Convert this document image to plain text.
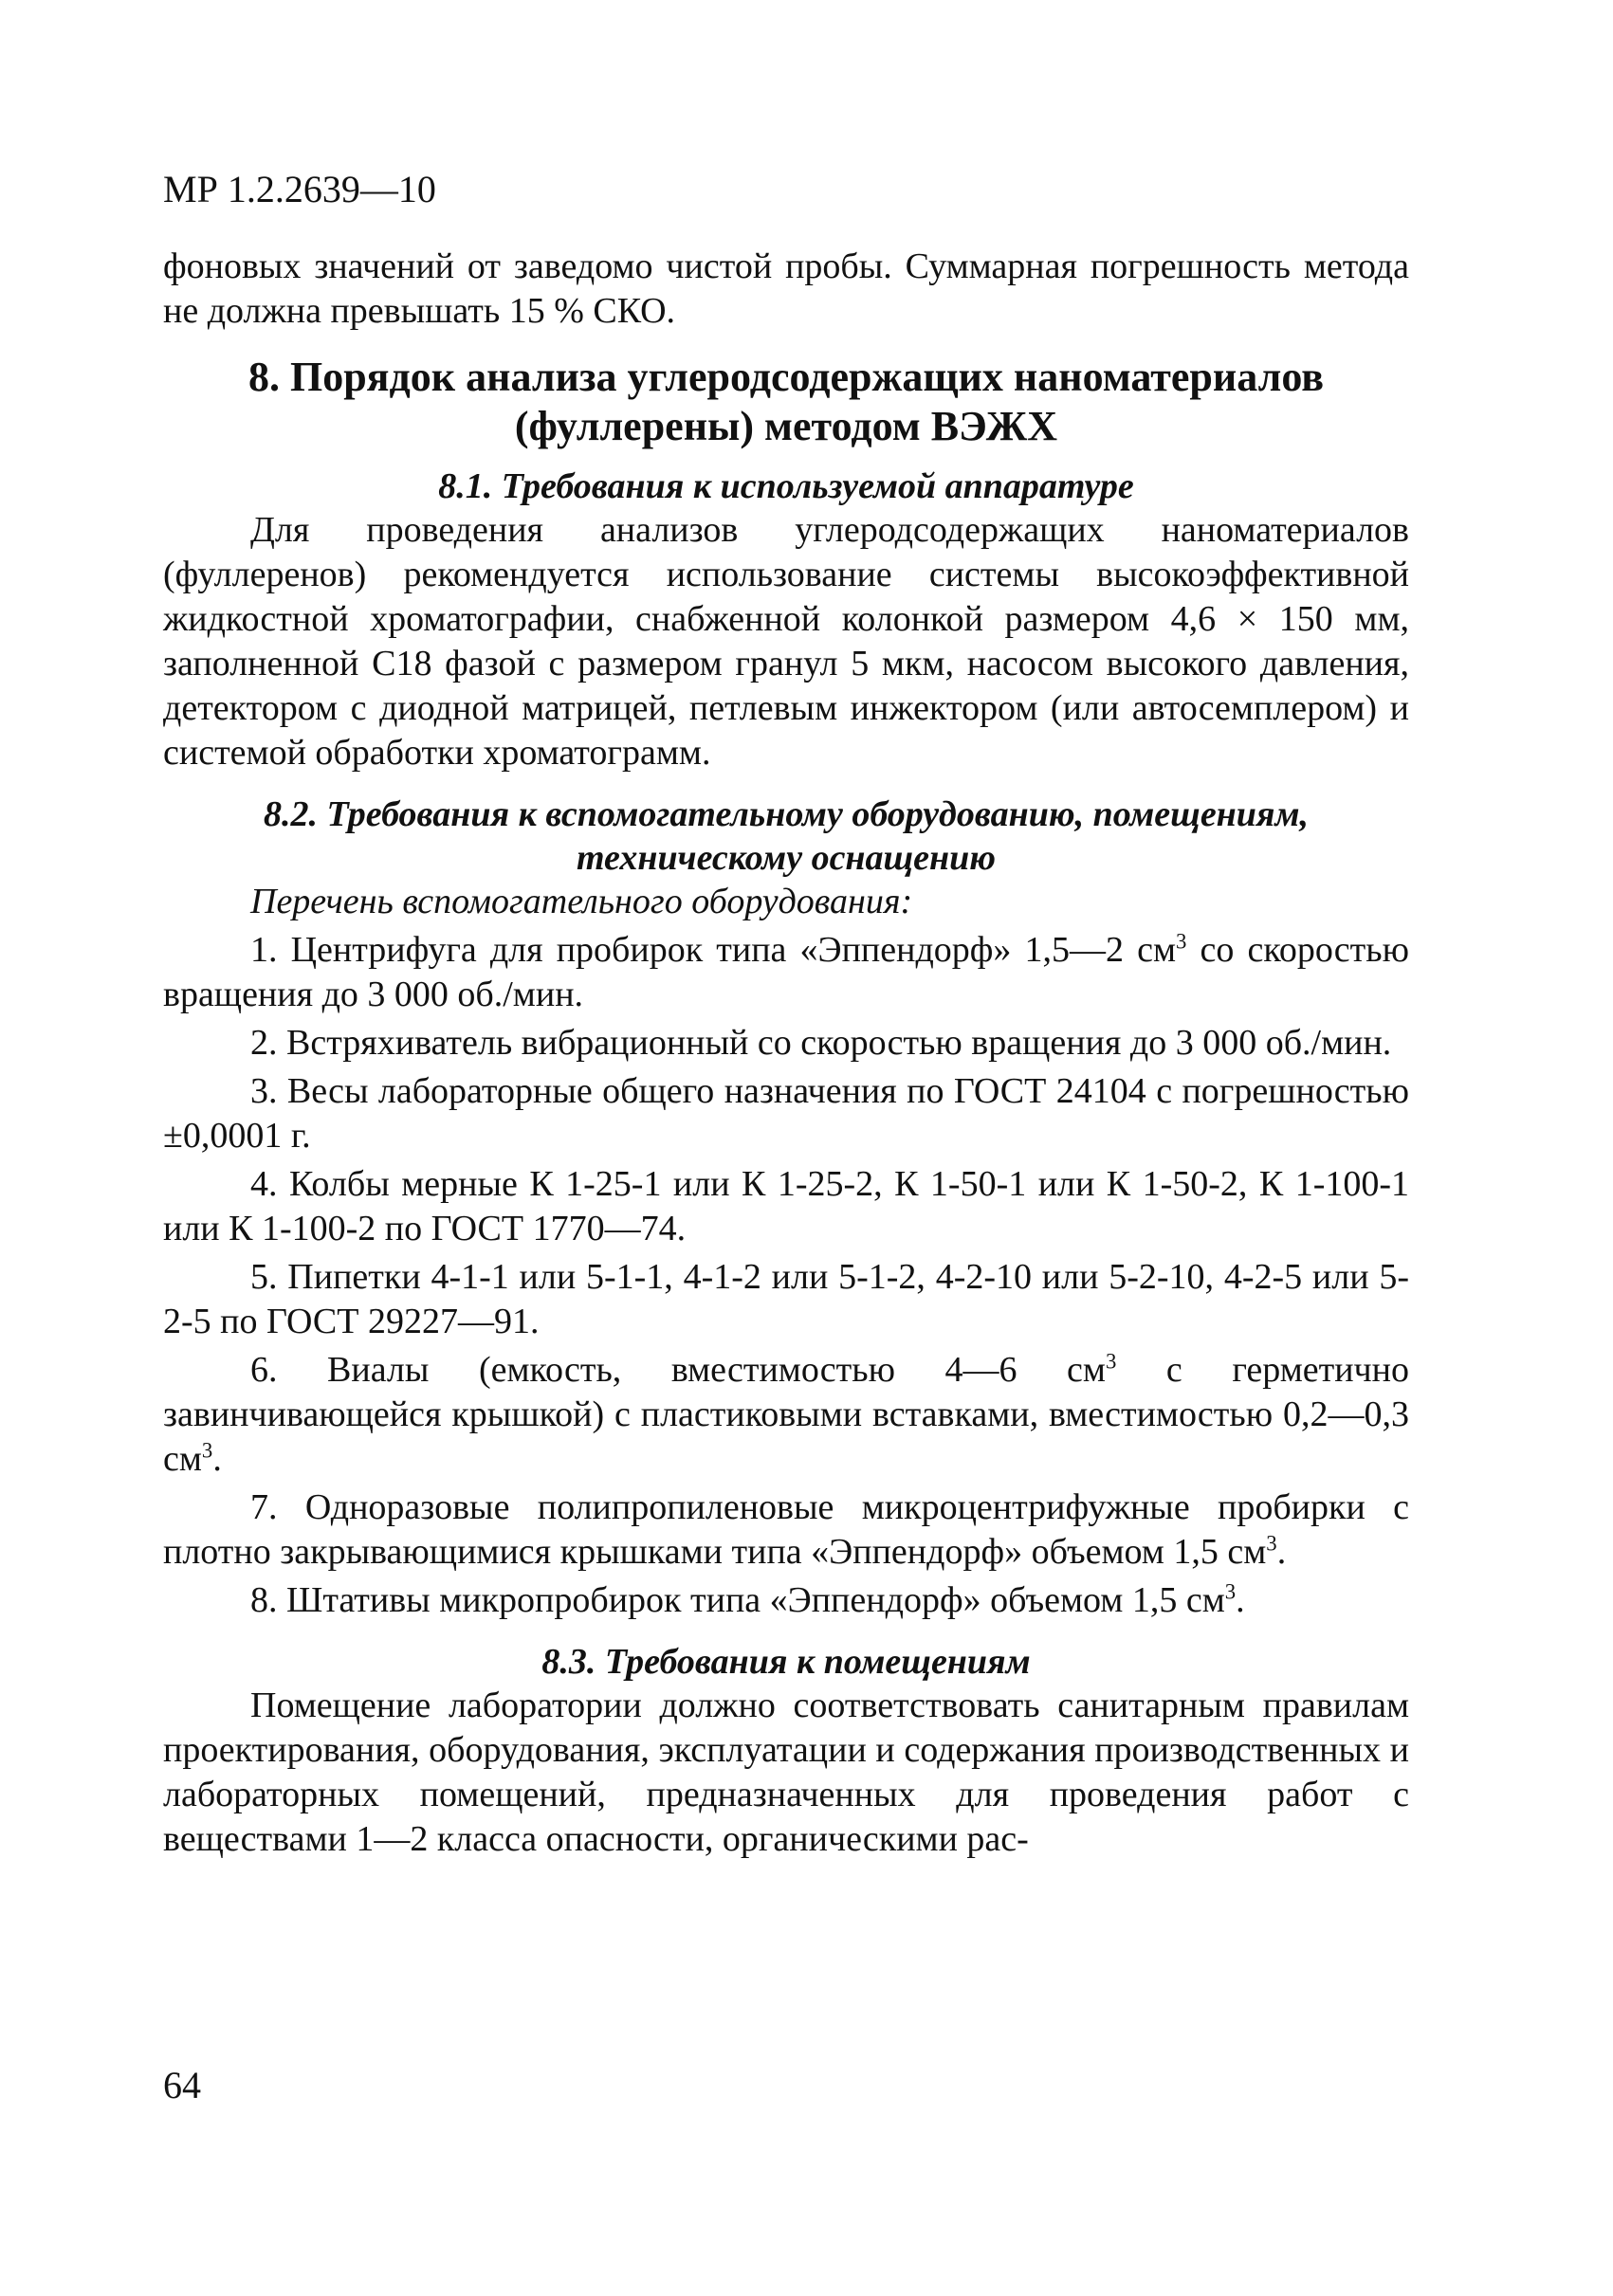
МР 1.2.2639—10

фоновых значений от заведомо чистой пробы. Суммарная погрешность метода не должна превышать 15 % СКО.

8. Порядок анализа углеродсодержащих наноматериалов
(фуллерены) методом ВЭЖХ

8.1. Требования к используемой аппаратуре

Для проведения анализов углеродсодержащих наноматериалов (фуллеренов) рекомендуется использование системы высокоэффективной жидкостной хроматографии, снабженной колонкой размером 4,6 × 150 мм, заполненной С18 фазой с размером гранул 5 мкм, насосом высокого давления, детектором с диодной матрицей, петлевым инжектором (или автосемплером) и системой обработки хроматограмм.

8.2. Требования к вспомогательному оборудованию, помещениям,
техническому оснащению

Перечень вспомогательного оборудования:

1. Центрифуга для пробирок типа «Эппендорф» 1,5—2 $см^3$ со скоростью вращения до 3 000 об./мин.

2. Встряхиватель вибрационный со скоростью вращения до 3 000 об./мин.

3. Весы лабораторные общего назначения по ГОСТ 24104 с погрешностью ±0,0001 г.

4. Колбы мерные К 1-25-1 или К 1-25-2, К 1-50-1 или К 1-50-2, К 1-100-1 или К 1-100-2 по ГОСТ 1770—74.

5. Пипетки 4-1-1 или 5-1-1, 4-1-2 или 5-1-2, 4-2-10 или 5-2-10, 4-2-5 или 5-2-5 по ГОСТ 29227—91.

6. Виалы (емкость, вместимостью 4—6 $см^3$ с герметично завинчивающейся крышкой) с пластиковыми вставками, вместимостью 0,2—0,3 $см^3$.

7. Одноразовые полипропиленовые микроцентрифужные пробирки с плотно закрывающимися крышками типа «Эппендорф» объемом 1,5 $см^3$.

8. Штативы микропробирок типа «Эппендорф» объемом 1,5 $см^3$.

8.3. Требования к помещениям

Помещение лаборатории должно соответствовать санитарным правилам проектирования, оборудования, эксплуатации и содержания производственных и лабораторных помещений, предназначенных для проведения работ с веществами 1—2 класса опасности, органическими рас-

64
